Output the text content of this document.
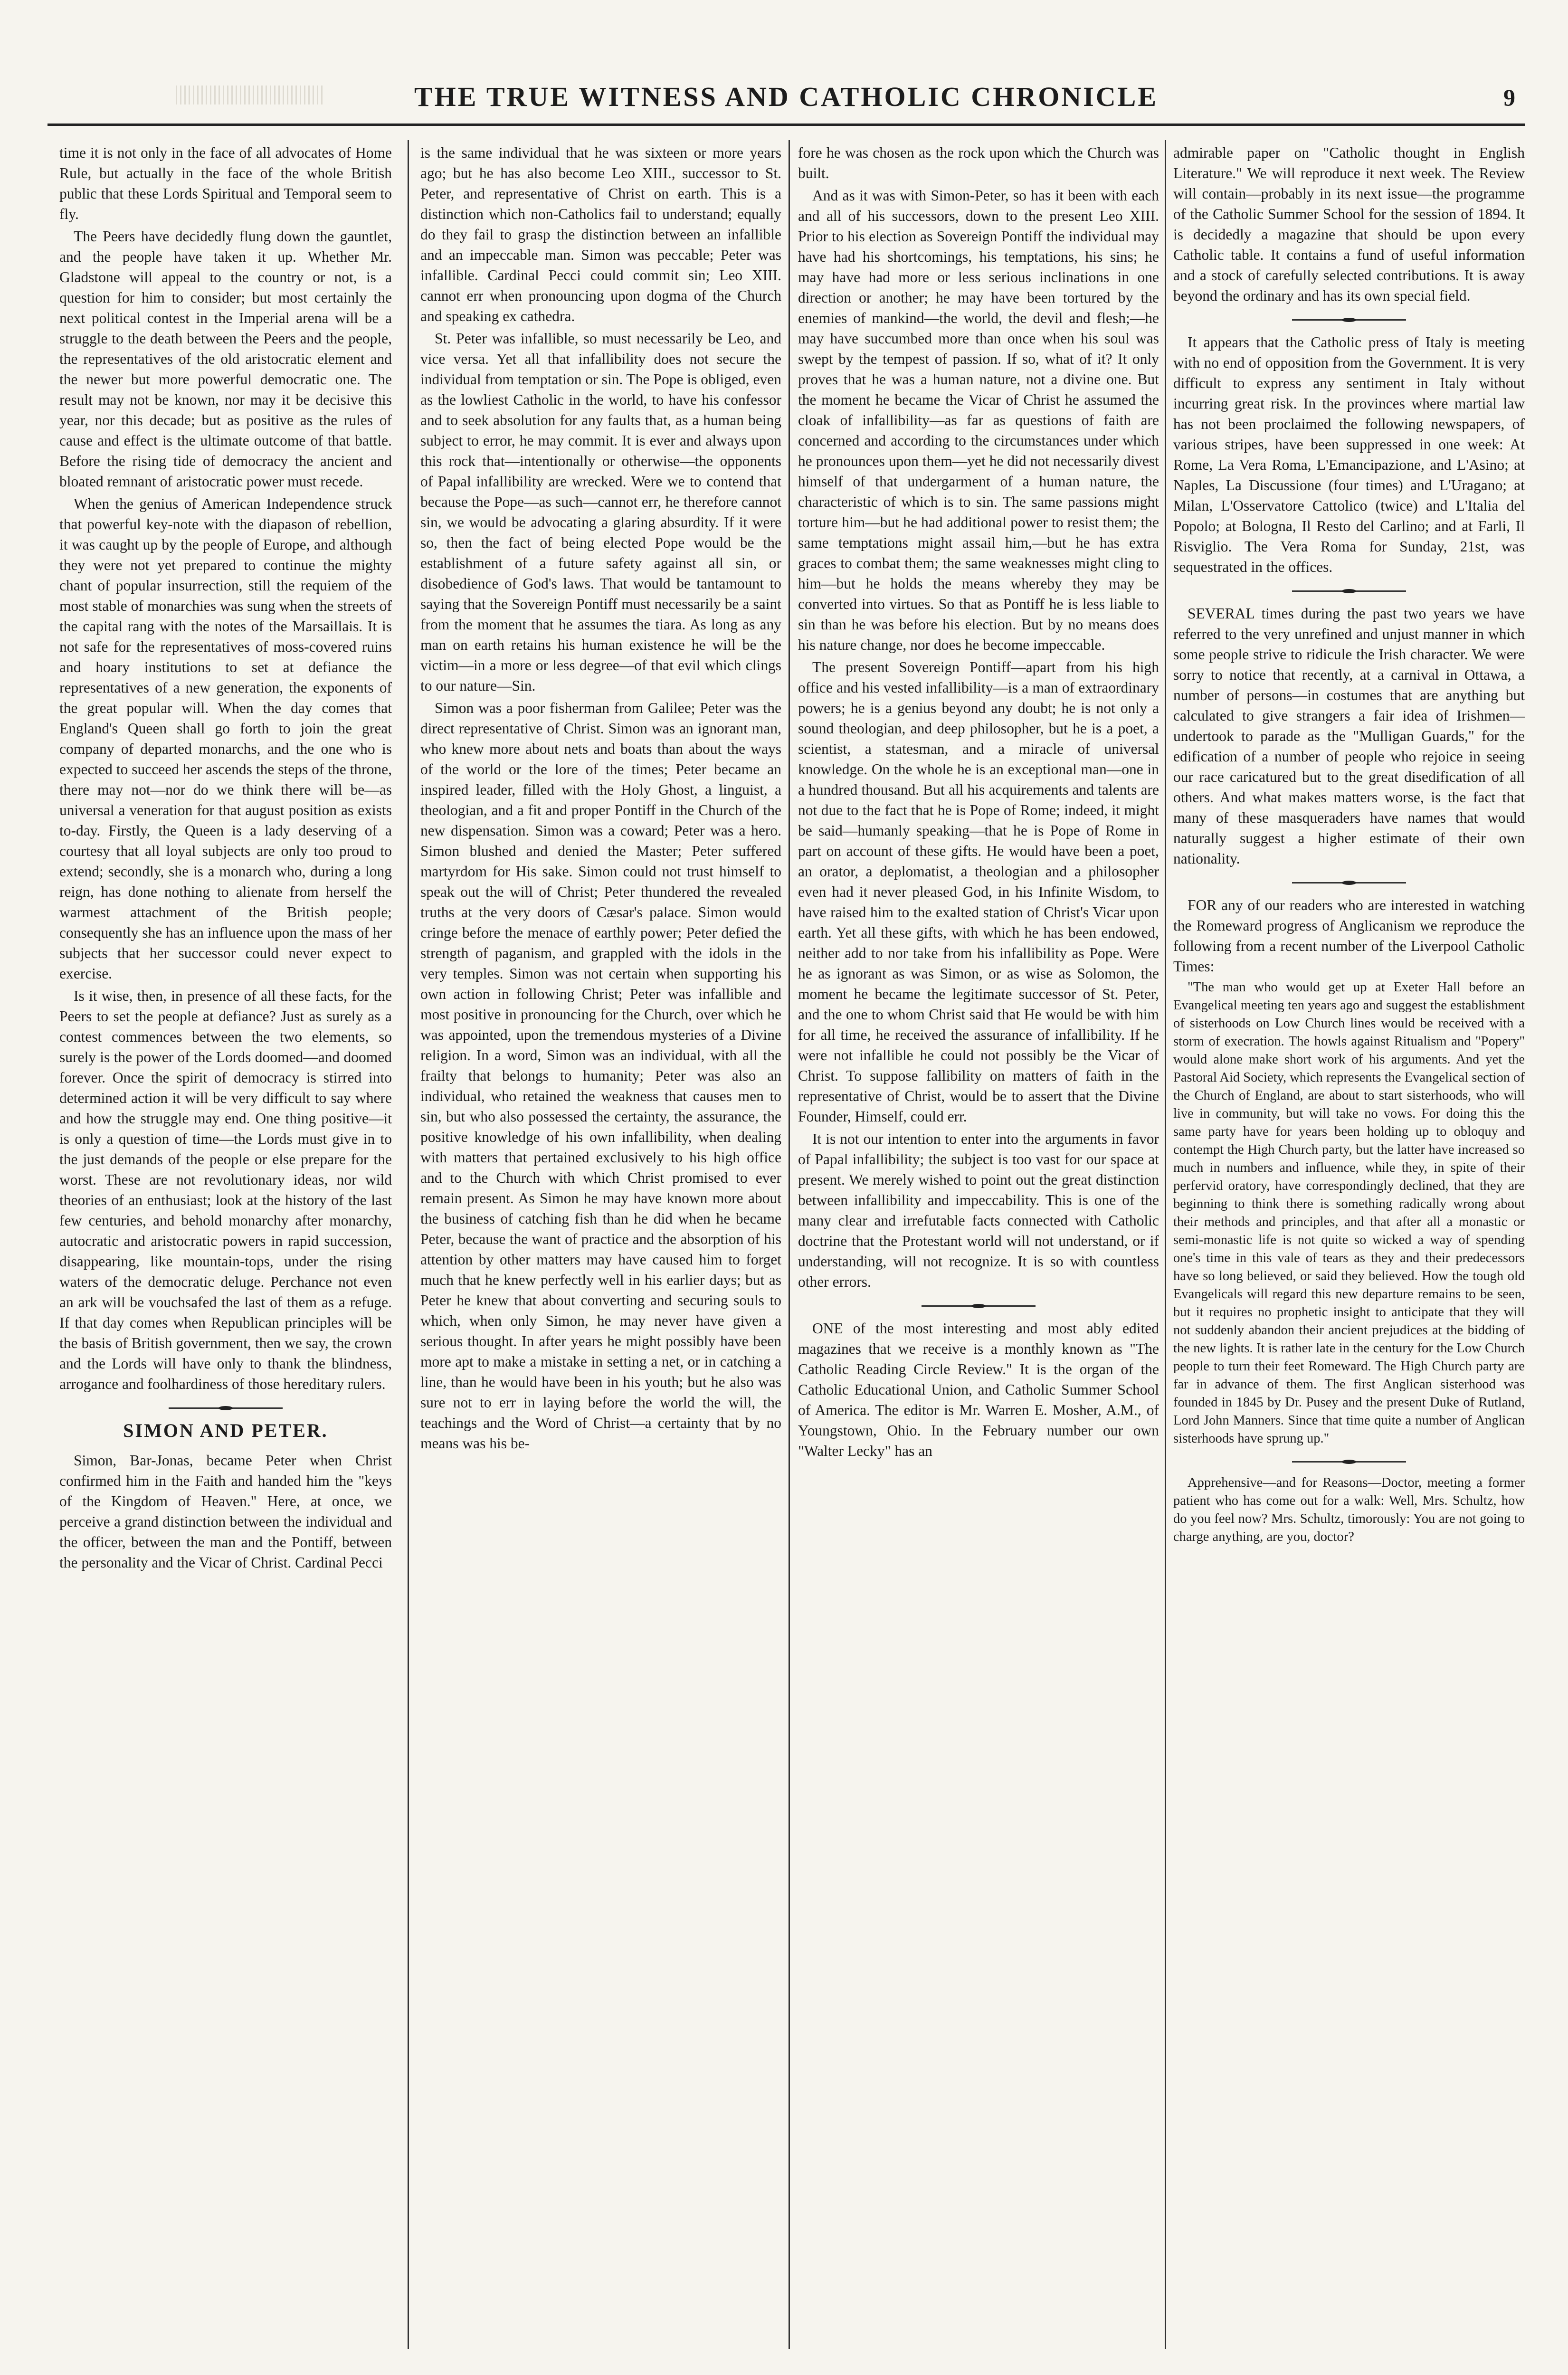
THE TRUE WITNESS AND CATHOLIC CHRONICLE	9

time it is not only in the face of all advocates of Home Rule, but actually in the face of the whole British public that these Lords Spiritual and Temporal seem to fly.

The Peers have decidedly flung down the gauntlet, and the people have taken it up. Whether Mr. Gladstone will appeal to the country or not, is a question for him to consider; but most certainly the next political contest in the Imperial arena will be a struggle to the death between the Peers and the people, the representatives of the old aristocratic element and the newer but more powerful democratic one. The result may not be known, nor may it be decisive this year, nor this decade; but as positive as the rules of cause and effect is the ultimate outcome of that battle. Before the rising tide of democracy the ancient and bloated remnant of aristocratic power must recede.

When the genius of American Independence struck that powerful key-note with the diapason of rebellion, it was caught up by the people of Europe, and although they were not yet prepared to continue the mighty chant of popular insurrection, still the requiem of the most stable of monarchies was sung when the streets of the capital rang with the notes of the Marsaillais. It is not safe for the representatives of moss-covered ruins and hoary institutions to set at defiance the representatives of a new generation, the exponents of the great popular will. When the day comes that England's Queen shall go forth to join the great company of departed monarchs, and the one who is expected to succeed her ascends the steps of the throne, there may not—nor do we think there will be—as universal a veneration for that august position as exists to-day. Firstly, the Queen is a lady deserving of a courtesy that all loyal subjects are only too proud to extend; secondly, she is a monarch who, during a long reign, has done nothing to alienate from herself the warmest attachment of the British people; consequently she has an influence upon the mass of her subjects that her successor could never expect to exercise.

Is it wise, then, in presence of all these facts, for the Peers to set the people at defiance? Just as surely as a contest commences between the two elements, so surely is the power of the Lords doomed—and doomed forever. Once the spirit of democracy is stirred into determined action it will be very difficult to say where and how the struggle may end. One thing positive—it is only a question of time—the Lords must give in to the just demands of the people or else prepare for the worst. These are not revolutionary ideas, nor wild theories of an enthusiast; look at the history of the last few centuries, and behold monarchy after monarchy, autocratic and aristocratic powers in rapid succession, disappearing, like mountain-tops, under the rising waters of the democratic deluge. Perchance not even an ark will be vouchsafed the last of them as a refuge. If that day comes when Republican principles will be the basis of British government, then we say, the crown and the Lords will have only to thank the blindness, arrogance and foolhardiness of those hereditary rulers.

SIMON AND PETER.

Simon, Bar-Jonas, became Peter when Christ confirmed him in the Faith and handed him the "keys of the Kingdom of Heaven." Here, at once, we perceive a grand distinction between the individual and the officer, between the man and the Pontiff, between the personality and the Vicar of Christ. Cardinal Pecci

is the same individual that he was sixteen or more years ago; but he has also become Leo XIII., successor to St. Peter, and representative of Christ on earth. This is a distinction which non-Catholics fail to understand; equally do they fail to grasp the distinction between an infallible and an impeccable man. Simon was peccable; Peter was infallible. Cardinal Pecci could commit sin; Leo XIII. cannot err when pronouncing upon dogma of the Church and speaking ex cathedra.

St. Peter was infallible, so must necessarily be Leo, and vice versa. Yet all that infallibility does not secure the individual from temptation or sin. The Pope is obliged, even as the lowliest Catholic in the world, to have his confessor and to seek absolution for any faults that, as a human being subject to error, he may commit. It is ever and always upon this rock that—intentionally or otherwise—the opponents of Papal infallibility are wrecked. Were we to contend that because the Pope—as such—cannot err, he therefore cannot sin, we would be advocating a glaring absurdity. If it were so, then the fact of being elected Pope would be the establishment of a future safety against all sin, or disobedience of God's laws. That would be tantamount to saying that the Sovereign Pontiff must necessarily be a saint from the moment that he assumes the tiara. As long as any man on earth retains his human existence he will be the victim—in a more or less degree—of that evil which clings to our nature—Sin.

Simon was a poor fisherman from Galilee; Peter was the direct representative of Christ. Simon was an ignorant man, who knew more about nets and boats than about the ways of the world or the lore of the times; Peter became an inspired leader, filled with the Holy Ghost, a linguist, a theologian, and a fit and proper Pontiff in the Church of the new dispensation. Simon was a coward; Peter was a hero. Simon blushed and denied the Master; Peter suffered martyrdom for His sake. Simon could not trust himself to speak out the will of Christ; Peter thundered the revealed truths at the very doors of Cæsar's palace. Simon would cringe before the menace of earthly power; Peter defied the strength of paganism, and grappled with the idols in the very temples. Simon was not certain when supporting his own action in following Christ; Peter was infallible and most positive in pronouncing for the Church, over which he was appointed, upon the tremendous mysteries of a Divine religion. In a word, Simon was an individual, with all the frailty that belongs to humanity; Peter was also an individual, who retained the weakness that causes men to sin, but who also possessed the certainty, the assurance, the positive knowledge of his own infallibility, when dealing with matters that pertained exclusively to his high office and to the Church with which Christ promised to ever remain present. As Simon he may have known more about the business of catching fish than he did when he became Peter, because the want of practice and the absorption of his attention by other matters may have caused him to forget much that he knew perfectly well in his earlier days; but as Peter he knew that about converting and securing souls to which, when only Simon, he may never have given a serious thought. In after years he might possibly have been more apt to make a mistake in setting a net, or in catching a line, than he would have been in his youth; but he also was sure not to err in laying before the world the will, the teachings and the Word of Christ—a certainty that by no means was his be-

fore he was chosen as the rock upon which the Church was built.

And as it was with Simon-Peter, so has it been with each and all of his successors, down to the present Leo XIII. Prior to his election as Sovereign Pontiff the individual may have had his shortcomings, his temptations, his sins; he may have had more or less serious inclinations in one direction or another; he may have been tortured by the enemies of mankind—the world, the devil and flesh;—he may have succumbed more than once when his soul was swept by the tempest of passion. If so, what of it? It only proves that he was a human nature, not a divine one. But the moment he became the Vicar of Christ he assumed the cloak of infallibility—as far as questions of faith are concerned and according to the circumstances under which he pronounces upon them—yet he did not necessarily divest himself of that undergarment of a human nature, the characteristic of which is to sin. The same passions might torture him—but he had additional power to resist them; the same temptations might assail him,—but he has extra graces to combat them; the same weaknesses might cling to him—but he holds the means whereby they may be converted into virtues. So that as Pontiff he is less liable to sin than he was before his election. But by no means does his nature change, nor does he become impeccable.

The present Sovereign Pontiff—apart from his high office and his vested infallibility—is a man of extraordinary powers; he is a genius beyond any doubt; he is not only a sound theologian, and deep philosopher, but he is a poet, a scientist, a statesman, and a miracle of universal knowledge. On the whole he is an exceptional man—one in a hundred thousand. But all his acquirements and talents are not due to the fact that he is Pope of Rome; indeed, it might be said—humanly speaking—that he is Pope of Rome in part on account of these gifts. He would have been a poet, an orator, a deplomatist, a theologian and a philosopher even had it never pleased God, in his Infinite Wisdom, to have raised him to the exalted station of Christ's Vicar upon earth. Yet all these gifts, with which he has been endowed, neither add to nor take from his infallibility as Pope. Were he as ignorant as was Simon, or as wise as Solomon, the moment he became the legitimate successor of St. Peter, and the one to whom Christ said that He would be with him for all time, he received the assurance of infallibility. If he were not infallible he could not possibly be the Vicar of Christ. To suppose fallibility on matters of faith in the representative of Christ, would be to assert that the Divine Founder, Himself, could err.

It is not our intention to enter into the arguments in favor of Papal infallibility; the subject is too vast for our space at present. We merely wished to point out the great distinction between infallibility and impeccability. This is one of the many clear and irrefutable facts connected with Catholic doctrine that the Protestant world will not understand, or if understanding, will not recognize. It is so with countless other errors.

ONE of the most interesting and most ably edited magazines that we receive is a monthly known as "The Catholic Reading Circle Review." It is the organ of the Catholic Educational Union, and Catholic Summer School of America. The editor is Mr. Warren E. Mosher, A.M., of Youngstown, Ohio. In the February number our own "Walter Lecky" has an

admirable paper on "Catholic thought in English Literature." We will reproduce it next week. The Review will contain—probably in its next issue—the programme of the Catholic Summer School for the session of 1894. It is decidedly a magazine that should be upon every Catholic table. It contains a fund of useful information and a stock of carefully selected contributions. It is away beyond the ordinary and has its own special field.

It appears that the Catholic press of Italy is meeting with no end of opposition from the Government. It is very difficult to express any sentiment in Italy without incurring great risk. In the provinces where martial law has not been proclaimed the following newspapers, of various stripes, have been suppressed in one week: At Rome, La Vera Roma, L'Emancipazione, and L'Asino; at Naples, La Discussione (four times) and L'Uragano; at Milan, L'Osservatore Cattolico (twice) and L'Italia del Popolo; at Bologna, Il Resto del Carlino; and at Farli, Il Risviglio. The Vera Roma for Sunday, 21st, was sequestrated in the offices.

SEVERAL times during the past two years we have referred to the very unrefined and unjust manner in which some people strive to ridicule the Irish character. We were sorry to notice that recently, at a carnival in Ottawa, a number of persons—in costumes that are anything but calculated to give strangers a fair idea of Irishmen—undertook to parade as the "Mulligan Guards," for the edification of a number of people who rejoice in seeing our race caricatured but to the great disedification of all others. And what makes matters worse, is the fact that many of these masqueraders have names that would naturally suggest a higher estimate of their own nationality.

FOR any of our readers who are interested in watching the Romeward progress of Anglicanism we reproduce the following from a recent number of the Liverpool Catholic Times:

"The man who would get up at Exeter Hall before an Evangelical meeting ten years ago and suggest the establishment of sisterhoods on Low Church lines would be received with a storm of execration. The howls against Ritualism and "Popery" would alone make short work of his arguments. And yet the Pastoral Aid Society, which represents the Evangelical section of the Church of England, are about to start sisterhoods, who will live in community, but will take no vows. For doing this the same party have for years been holding up to obloquy and contempt the High Church party, but the latter have increased so much in numbers and influence, while they, in spite of their perfervid oratory, have correspondingly declined, that they are beginning to think there is something radically wrong about their methods and principles, and that after all a monastic or semi-monastic life is not quite so wicked a way of spending one's time in this vale of tears as they and their predecessors have so long believed, or said they believed. How the tough old Evangelicals will regard this new departure remains to be seen, but it requires no prophetic insight to anticipate that they will not suddenly abandon their ancient prejudices at the bidding of the new lights. It is rather late in the century for the Low Church people to turn their feet Romeward. The High Church party are far in advance of them. The first Anglican sisterhood was founded in 1845 by Dr. Pusey and the present Duke of Rutland, Lord John Manners. Since that time quite a number of Anglican sisterhoods have sprung up."

Apprehensive—and for Reasons—Doctor, meeting a former patient who has come out for a walk: Well, Mrs. Schultz, how do you feel now? Mrs. Schultz, timorously: You are not going to charge anything, are you, doctor?
